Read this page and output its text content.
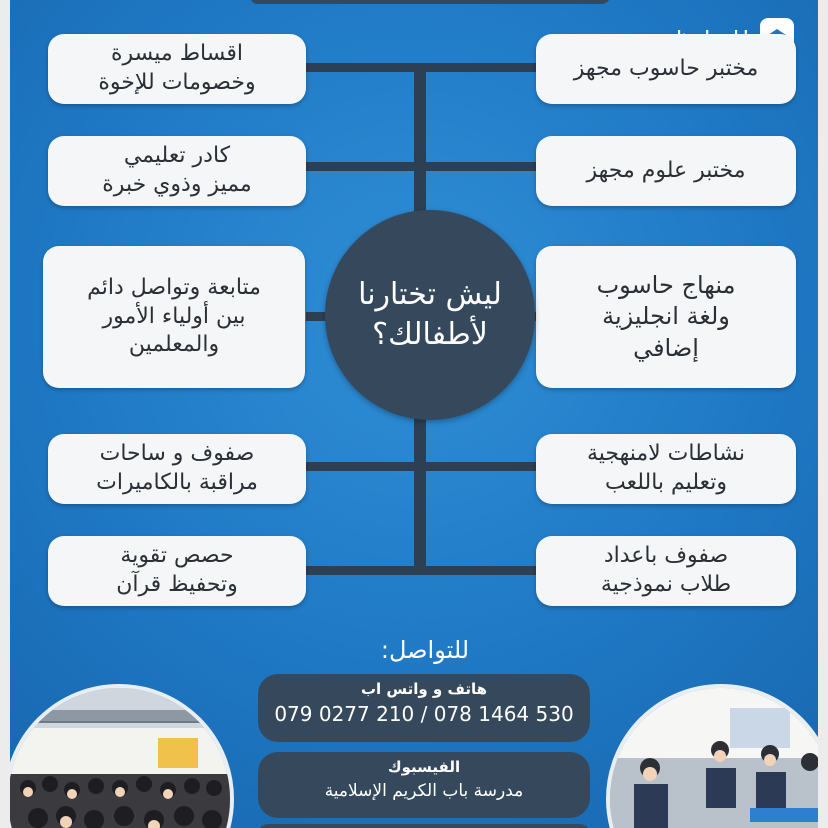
اقساط ميسرة
وخصومات للإخوة
كادر تعليمي
مميز وذوي خبرة
متابعة وتواصل دائم
بين أولياء الأمور
والمعلمين
صفوف و ساحات
مراقبة بالكاميرات
حصص تقوية
وتحفيظ قرآن
مختبر حاسوب مجهز
مختبر علوم مجهز
منهاج حاسوب
ولغة انجليزية
إضافي
نشاطات لامنهجية
وتعليم باللعب
صفوف باعداد
طلاب نموذجية
ليش تختارنا
لأطفالك؟
للتواصل:
هاتف و واتس اب
079 0277 210 / 078 1464 530
الفيسبوك
مدرسة باب الكريم الإسلامية
